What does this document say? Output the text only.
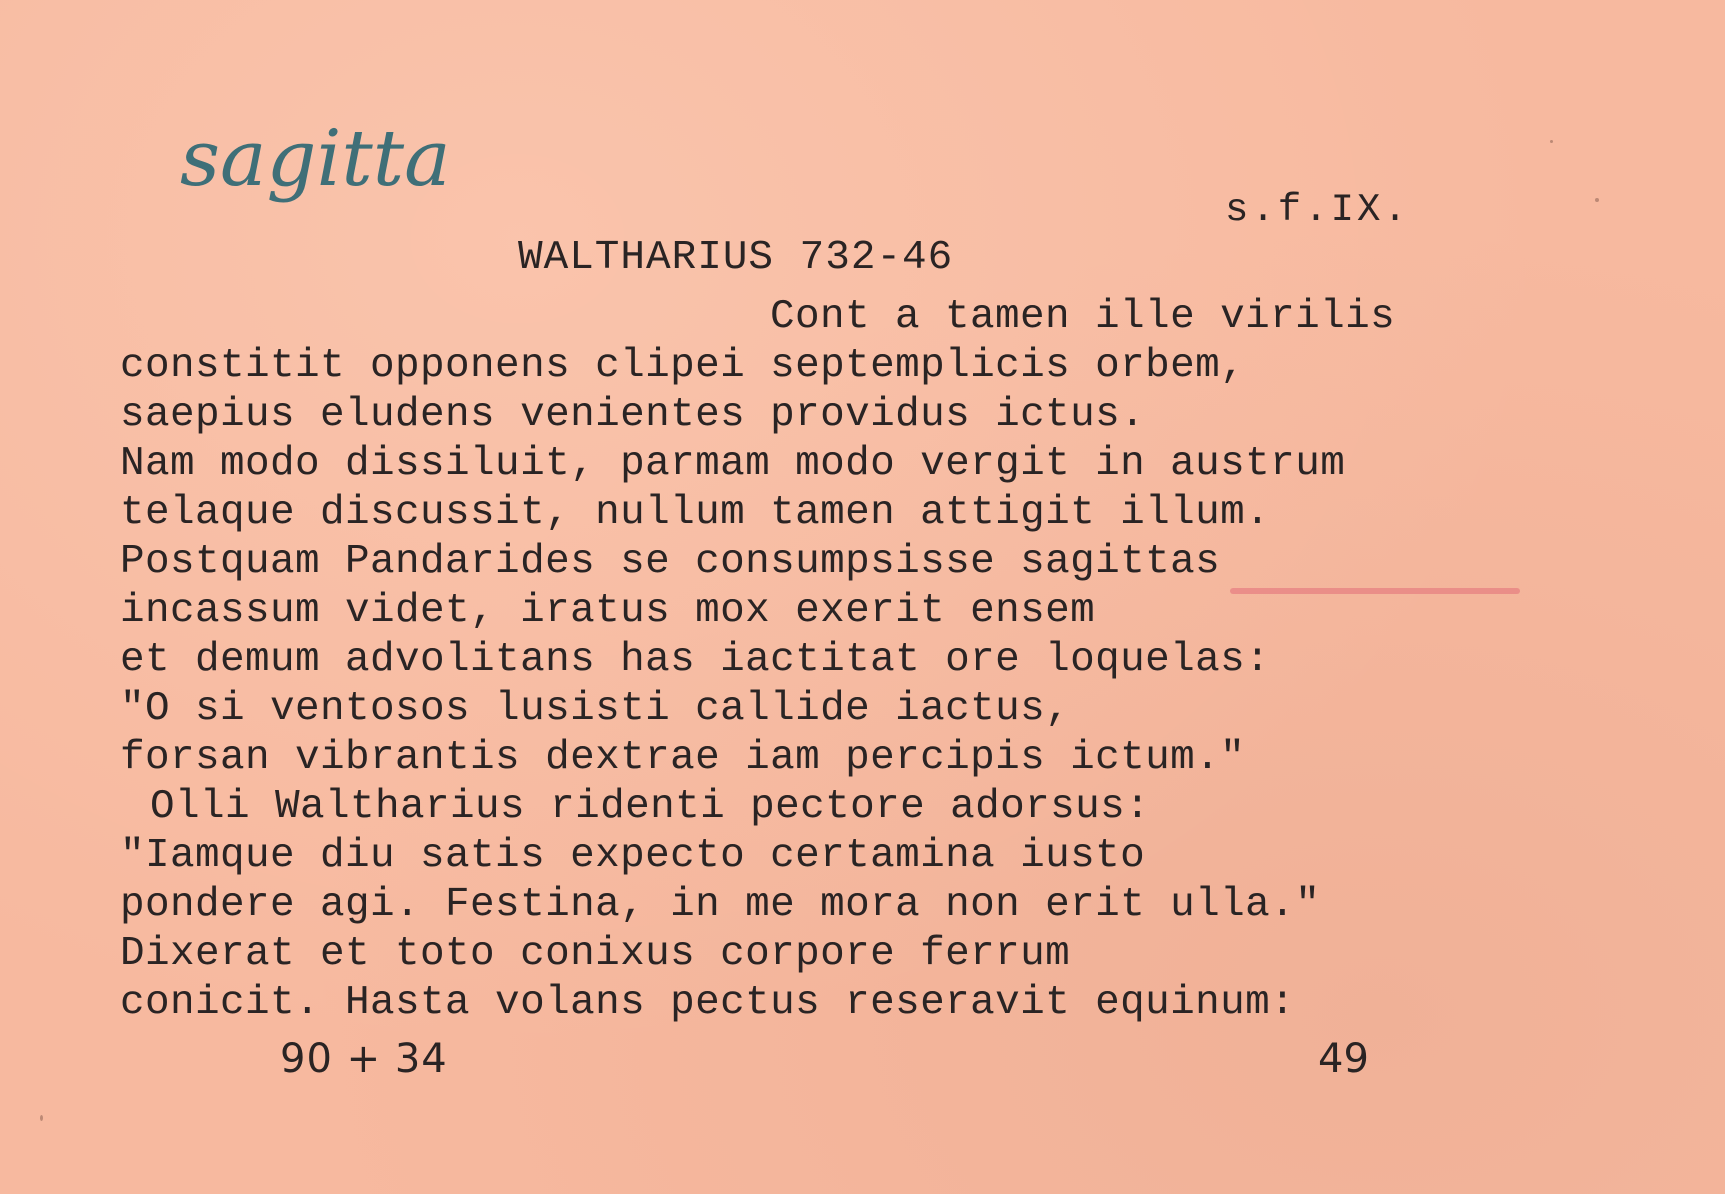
sagitta
s.f.IX.
WALTHARIUS 732-46
Cont a tamen ille virilis
constitit opponens clipei septemplicis orbem,
saepius eludens venientes providus ictus.
Nam modo dissiluit, parmam modo vergit in austrum
telaque discussit, nullum tamen attigit illum.
Postquam Pandarides se consumpsisse sagittas
incassum videt, iratus mox exerit ensem
et demum advolitans has iactitat ore loquelas:
"O si ventosos lusisti callide iactus,
forsan vibrantis dextrae iam percipis ictum."
Olli Waltharius ridenti pectore adorsus:
"Iamque diu satis expecto certamina iusto
pondere agi. Festina, in me mora non erit ulla."
Dixerat et toto conixus corpore ferrum
conicit. Hasta volans pectus reseravit equinum:
90 + 34	49
